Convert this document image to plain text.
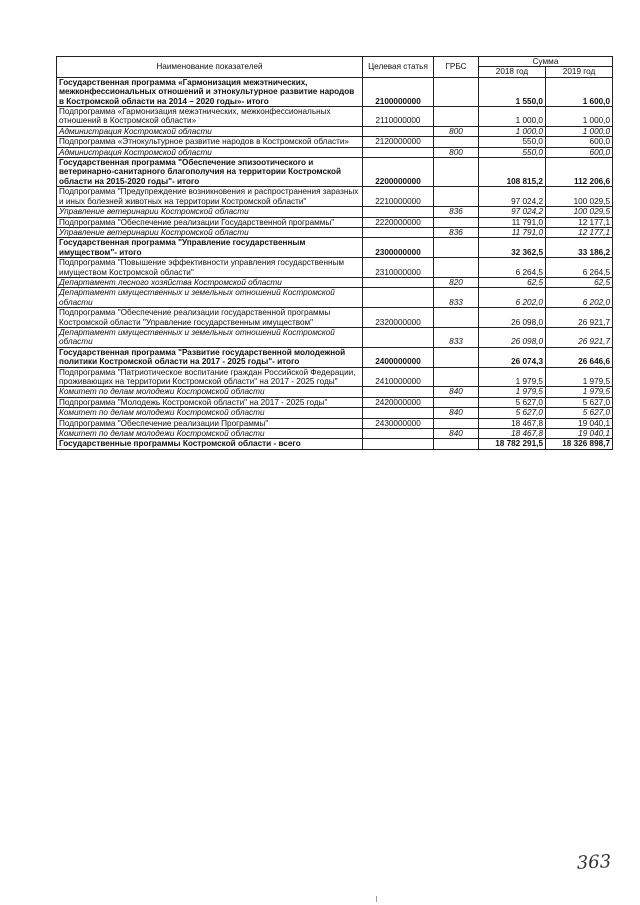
Наименование показателей	Целевая статья	ГРБС	Сумма	
			2018 год	2019 год
Государственная программа «Гармонизация межэтнических, межконфессиональных отношений и этнокультурное развитие народов в Костромской области на 2014 – 2020 годы»- итого	2100000000		1 550,0	1 600,0
Подпрограмма «Гармонизация межэтнических, межконфессиональных отношений в Костромской области»	2110000000		1 000,0	1 000,0
Администрация Костромской области		800	1 000,0	1 000,0
Подпрограмма «Этнокультурное развитие народов в Костромской области»	2120000000		550,0	600,0
Администрация Костромской области		800	550,0	600,0
Государственная программа "Обеспечение эпизоотического и ветеринарно-санитарного благополучия на территории Костромской области на 2015-2020 годы"- итого	2200000000		108 815,2	112 206,6
Подпрограмма "Предупреждение возникновения и распространения заразных и иных болезней животных на территории Костромской области"	2210000000		97 024,2	100 029,5
Управление ветеринарии Костромской области		836	97 024,2	100 029,5
Подпрограмма "Обеспечение реализации Государственной программы"	2220000000		11 791,0	12 177,1
Управление ветеринарии Костромской области		836	11 791,0	12 177,1
Государственная программа "Управление государственным имуществом"- итого	2300000000		32 362,5	33 186,2
Подпрограмма "Повышение эффективности управления государственным имуществом Костромской области"	2310000000		6 264,5	6 264,5
Департамент лесного хозяйства Костромской области		820	62,5	62,5
Департамент имущественных и земельных отношений Костромской области		833	6 202,0	6 202,0
Подпрограмма "Обеспечение реализации государственной программы Костромской области "Управление государственным имуществом"	2320000000		26 098,0	26 921,7
Департамент имущественных и земельных отношений Костромской области		833	26 098,0	26 921,7
Государственная программа "Развитие государственной молодежной политики Костромской области на 2017 - 2025 годы"- итого	2400000000		26 074,3	26 646,6
Подпрограмма "Патриотическое воспитание граждан Российской Федерации, проживающих на территории Костромской области" на 2017 - 2025 годы"	2410000000		1 979,5	1 979,5
Комитет по делам молодежи Костромской области		840	1 979,5	1 979,5
Подпрограмма "Молодежь Костромской области" на 2017 - 2025 годы"	2420000000		5 627,0	5 627,0
Комитет по делам молодежи Костромской области		840	5 627,0	5 627,0
Подпрограмма "Обеспечение реализации Программы"	2430000000		18 467,8	19 040,1
Комитет по делам молодежи Костромской области		840	18 467,8	19 040,1
Государственные программы Костромской области - всего			18 782 291,5	18 326 898,7
363
